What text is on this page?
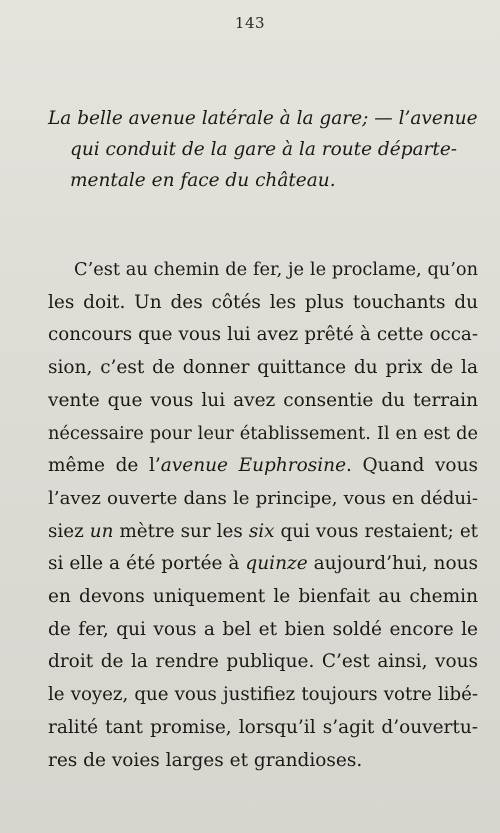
143
La belle avenue latérale à la gare; — l’avenue
qui conduit de la gare à la route départe-
mentale en face du château.
C’est au chemin de fer, je le proclame, qu’on
les doit. Un des côtés les plus touchants du
concours que vous lui avez prêté à cette occa-
sion, c’est de donner quittance du prix de la
vente que vous lui avez consentie du terrain
nécessaire pour leur établissement. Il en est de
même de l’avenue Euphrosine. Quand vous
l’avez ouverte dans le principe, vous en dédui-
siez un mètre sur les six qui vous restaient; et
si elle a été portée à quinze aujourd’hui, nous
en devons uniquement le bienfait au chemin
de fer, qui vous a bel et bien soldé encore le
droit de la rendre publique. C’est ainsi, vous
le voyez, que vous justifiez toujours votre libé-
ralité tant promise, lorsqu’il s’agit d’ouvertu-
res de voies larges et grandioses.
